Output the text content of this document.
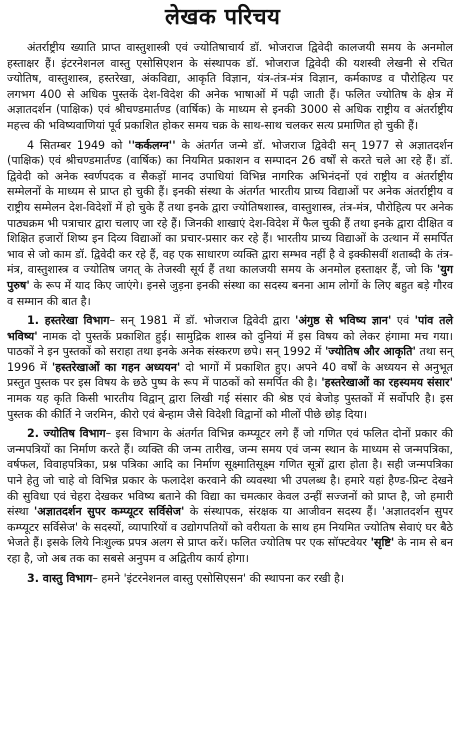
लेखक परिचय

अंतर्राष्ट्रीय ख्याति प्राप्त वास्तुशास्त्री एवं ज्योतिषाचार्य डॉ. भोजराज द्विवेदी कालजयी समय के अनमोल हस्ताक्षर हैं। इंटरनेशनल वास्तु एसोसिएशन के संस्थापक डॉ. भोजराज द्विवेदी की यशस्वी लेखनी से रचित ज्योतिष, वास्तुशास्त्र, हस्तरेखा, अंकविद्या, आकृति विज्ञान, यंत्र-तंत्र-मंत्र विज्ञान, कर्मकाण्ड व पौरोहित्य पर लगभग 400 से अधिक पुस्तकें देश-विदेश की अनेक भाषाओं में पढ़ी जाती हैं। फलित ज्योतिष के क्षेत्र में अज्ञातदर्शन (पाक्षिक) एवं श्रीचण्डमार्तण्ड (वार्षिक) के माध्यम से इनकी 3000 से अधिक राष्ट्रीय व अंतर्राष्ट्रीय महत्त्व की भविष्यवाणियां पूर्व प्रकाशित होकर समय चक्र के साथ-साथ चलकर सत्य प्रमाणित हो चुकी हैं।

4 सितम्बर 1949 को ''कर्कलग्न'' के अंतर्गत जन्मे डॉ. भोजराज द्विवेदी सन् 1977 से अज्ञातदर्शन (पाक्षिक) एवं श्रीचण्डमार्तण्ड (वार्षिक) का नियमित प्रकाशन व सम्पादन 26 वर्षों से करते चले आ रहे हैं। डॉ. द्विवेदी को अनेक स्वर्णपदक व सैकड़ों मानद उपाधियां विभिन्न नागरिक अभिनंदनों एवं राष्ट्रीय व अंतर्राष्ट्रीय सम्मेलनों के माध्यम से प्राप्त हो चुकी हैं। इनकी संस्था के अंतर्गत भारतीय प्राच्य विद्याओं पर अनेक अंतर्राष्ट्रीय व राष्ट्रीय सम्मेलन देश-विदेशों में हो चुके हैं तथा इनके द्वारा ज्योतिषशास्त्र, वास्तुशास्त्र, तंत्र-मंत्र, पौरोहित्य पर अनेक पाठ्यक्रम भी पत्राचार द्वारा चलाए जा रहे हैं। जिनकी शाखाएं देश-विदेश में फैल चुकी हैं तथा इनके द्वारा दीक्षित व शिक्षित हजारों शिष्य इन दिव्य विद्याओं का प्रचार-प्रसार कर रहे हैं। भारतीय प्राच्य विद्याओं के उत्थान में समर्पित भाव से जो काम डॉ. द्विवेदी कर रहे हैं, वह एक साधारण व्यक्ति द्वारा सम्भव नहीं है वे इक्कीसवीं शताब्दी के तंत्र-मंत्र, वास्तुशास्त्र व ज्योतिष जगत् के तेजस्वी सूर्य हैं तथा कालजयी समय के अनमोल हस्ताक्षर हैं, जो कि 'युग पुरुष' के रूप में याद किए जाएंगे। इनसे जुड़ना इनकी संस्था का सदस्य बनना आम लोगों के लिए बहुत बड़े गौरव व सम्मान की बात है।

1. हस्तरेखा विभाग– सन् 1981 में डॉ. भोजराज द्विवेदी द्वारा 'अंगुष्ठ से भविष्य ज्ञान' एवं 'पांव तले भविष्य' नामक दो पुस्तकें प्रकाशित हुई। सामुद्रिक शास्त्र को दुनियां में इस विषय को लेकर हंगामा मच गया। पाठकों ने इन पुस्तकों को सराहा तथा इनके अनेक संस्करण छपे। सन् 1992 में 'ज्योतिष और आकृति' तथा सन् 1996 में 'हस्तरेखाओं का गहन अध्ययन' दो भागों में प्रकाशित हुए। अपने 40 वर्षों के अध्ययन से अनुभूत प्रस्तुत पुस्तक पर इस विषय के छठे पुष्प के रूप में पाठकों को समर्पित की है। 'हस्तरेखाओं का रहस्यमय संसार' नामक यह कृति किसी भारतीय विद्वान् द्वारा लिखी गई संसार की श्रेष्ठ एवं बेजोड़ पुस्तकों में सर्वोपरि है। इस पुस्तक की कीर्ति ने जरमिन, कीरो एवं बेन्हाम जैसे विदेशी विद्वानों को मीलों पीछे छोड़ दिया।

2. ज्योतिष विभाग– इस विभाग के अंतर्गत विभिन्न कम्प्यूटर लगे हैं जो गणित एवं फलित दोनों प्रकार की जन्मपत्रियों का निर्माण करते हैं। व्यक्ति की जन्म तारीख, जन्म समय एवं जन्म स्थान के माध्यम से जन्मपत्रिका, वर्षफल, विवाहपत्रिका, प्रश्न पत्रिका आदि का निर्माण सूक्ष्मातिसूक्ष्म गणित सूत्रों द्वारा होता है। सही जन्मपत्रिका पाने हेतु जो चाहे वो विभिन्न प्रकार के फलादेश करवाने की व्यवस्था भी उपलब्ध है। हमारे यहां हैण्ड-प्रिन्ट देखने की सुविधा एवं चेहरा देखकर भविष्य बताने की विद्या का चमत्कार केवल उन्हीं सज्जनों को प्राप्त है, जो हमारी संस्था 'अज्ञातदर्शन सुपर कम्प्यूटर सर्विसेज' के संस्थापक, संरक्षक या आजीवन सदस्य हैं। 'अज्ञातदर्शन सुपर कम्प्यूटर सर्विसेज' के सदस्यों, व्यापारियों व उद्योगपतियों को वरीयता के साथ हम नियमित ज्योतिष सेवाएं घर बैठे भेजते हैं। इसके लिये निःशुल्क प्रपत्र अलग से प्राप्त करें। फलित ज्योतिष पर एक सॉफ्टवेयर 'सृष्टि' के नाम से बन रहा है, जो अब तक का सबसे अनुपम व अद्वितीय कार्य होगा।

3. वास्तु विभाग– हमने 'इंटरनेशनल वास्तु एसोसिएसन' की स्थापना कर रखी है।
